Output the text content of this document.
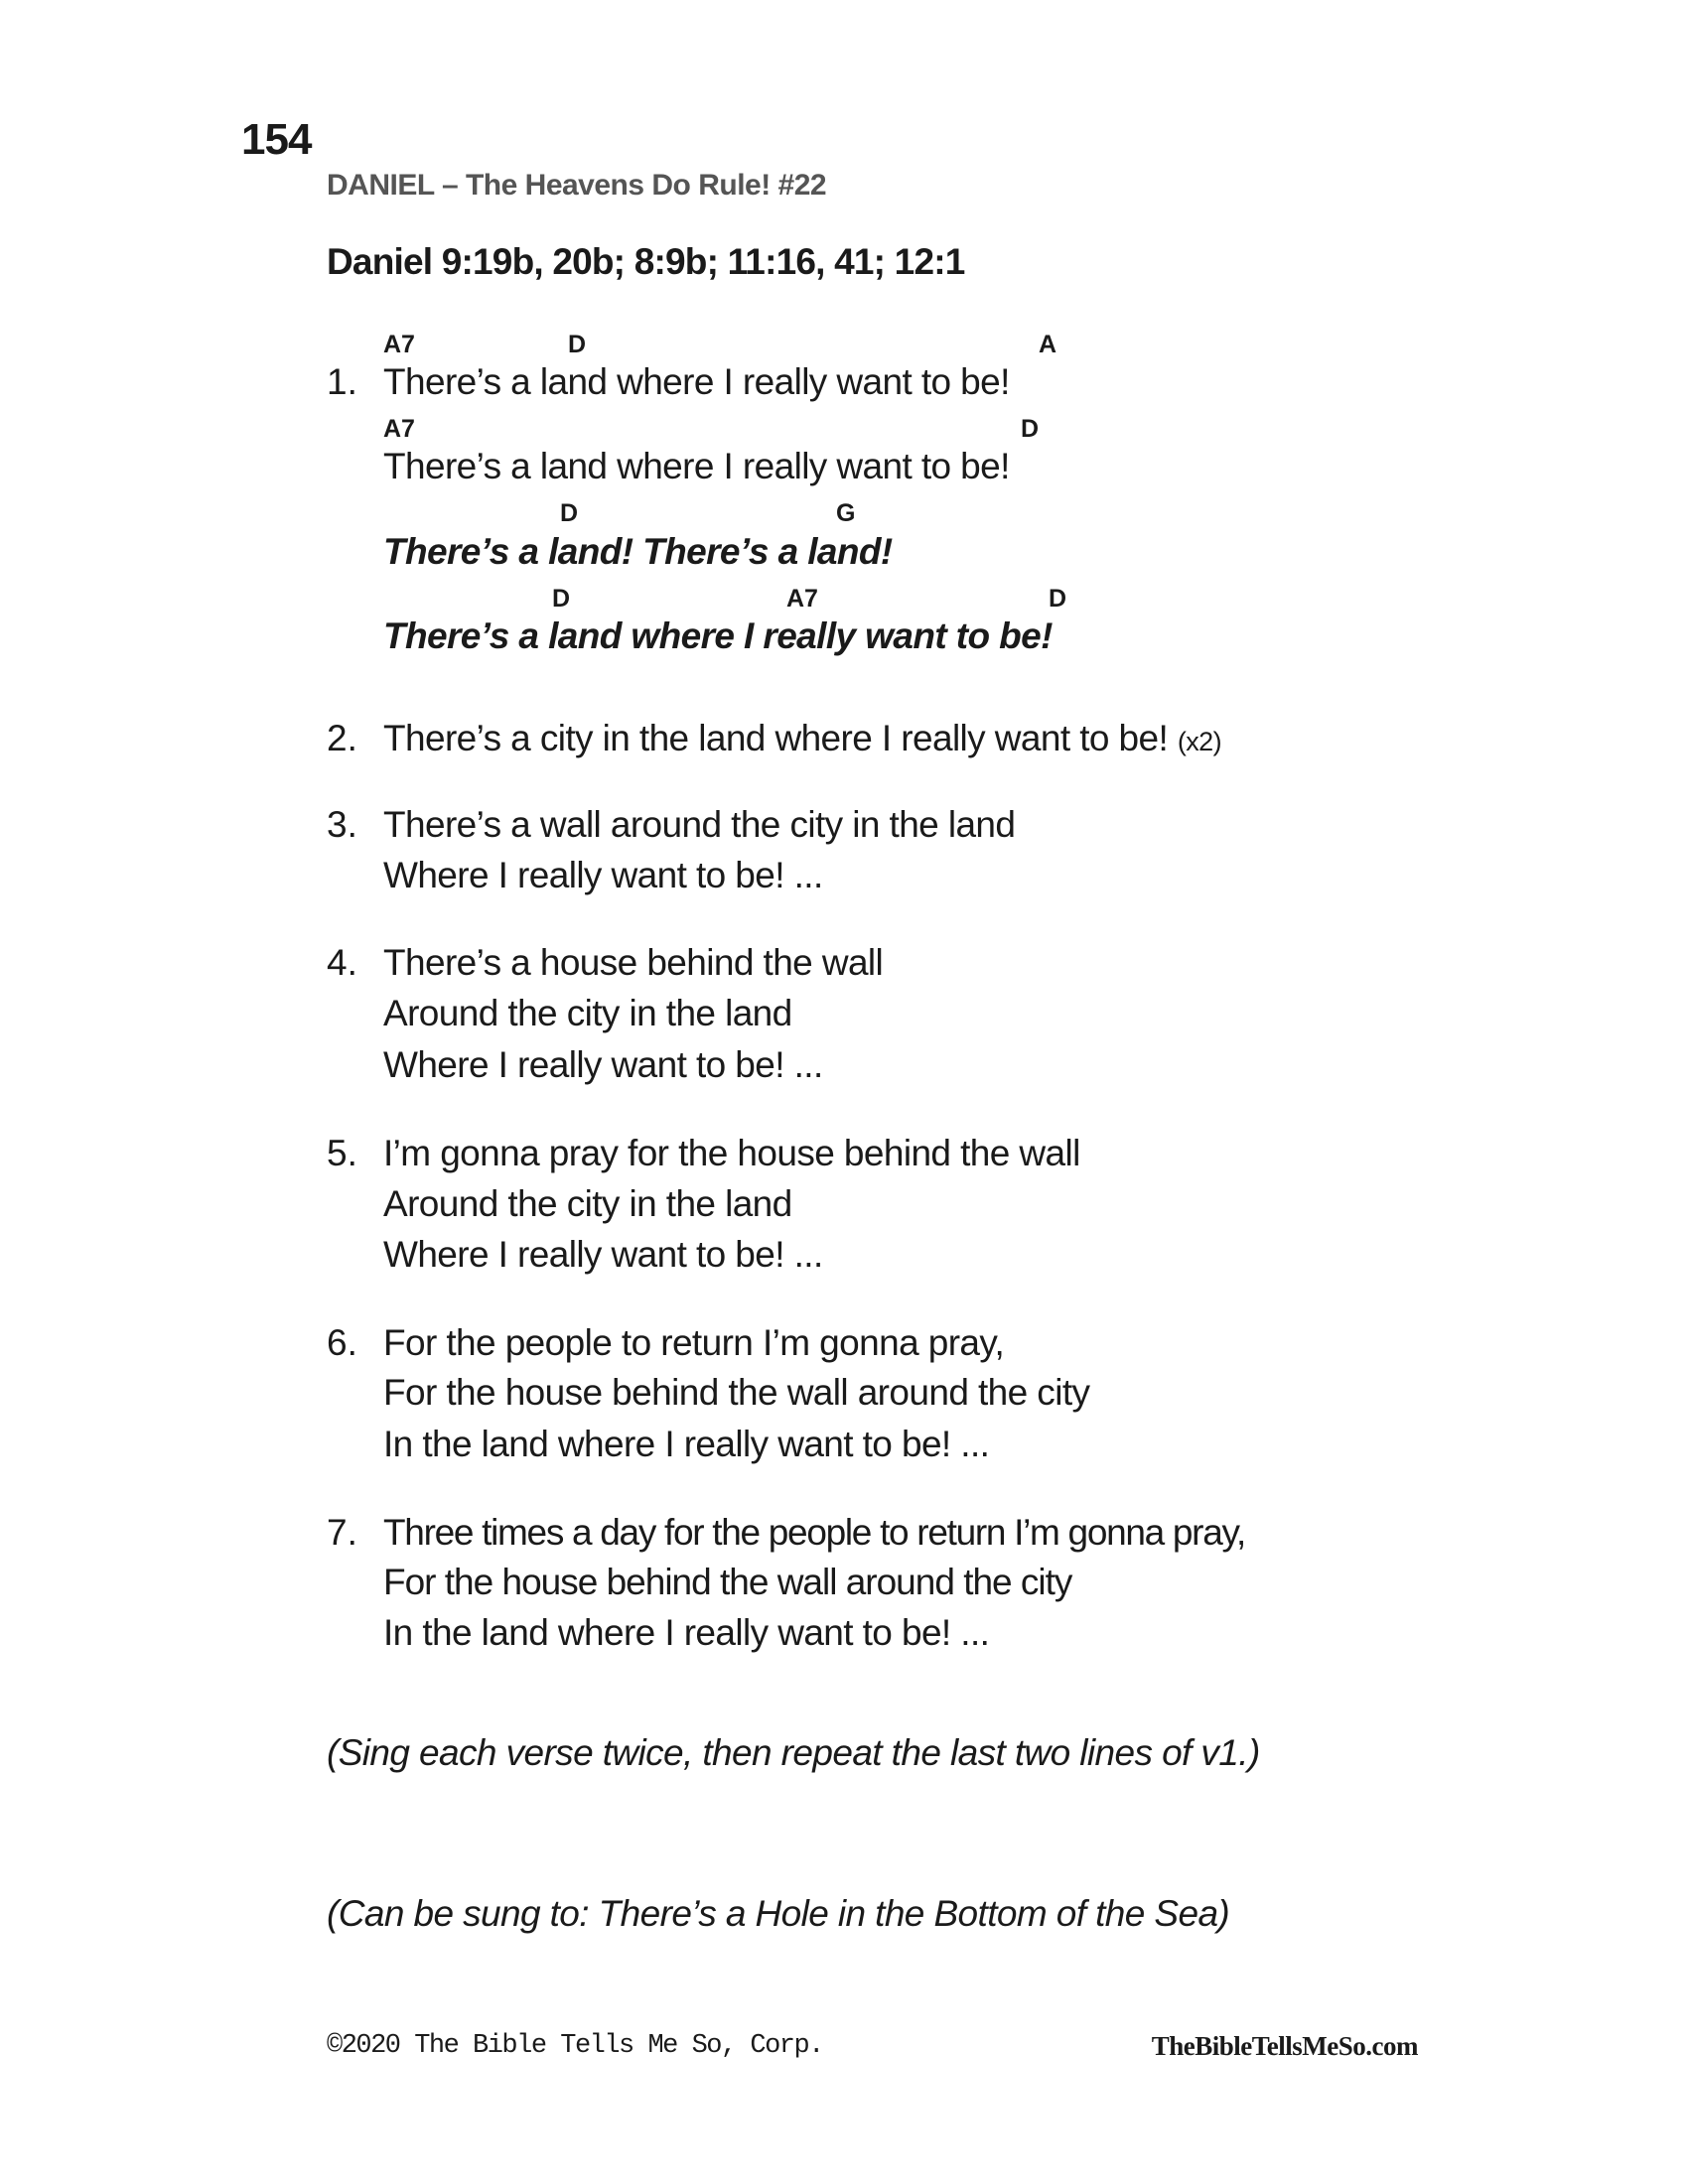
154
DANIEL – The Heavens Do Rule! #22
Daniel 9:19b, 20b; 8:9b; 11:16, 41; 12:1
A7	D	A
1. There’s a land where I really want to be!
A7	D
There’s a land where I really want to be!
D	G
There’s a land! There’s a land!
D	A7	D
There’s a land where I really want to be!
2. There’s a city in the land where I really want to be! (x2)
3. There’s a wall around the city in the land
Where I really want to be! ...
4. There’s a house behind the wall
Around the city in the land
Where I really want to be! ...
5. I’m gonna pray for the house behind the wall
Around the city in the land
Where I really want to be! ...
6. For the people to return I’m gonna pray,
For the house behind the wall around the city
In the land where I really want to be! ...
7. Three times a day for the people to return I’m gonna pray,
For the house behind the wall around the city
In the land where I really want to be! ...
(Sing each verse twice, then repeat the last two lines of v1.)
(Can be sung to: There’s a Hole in the Bottom of the Sea)
©2020 The Bible Tells Me So, Corp.	TheBibleTellsMeSo.com
